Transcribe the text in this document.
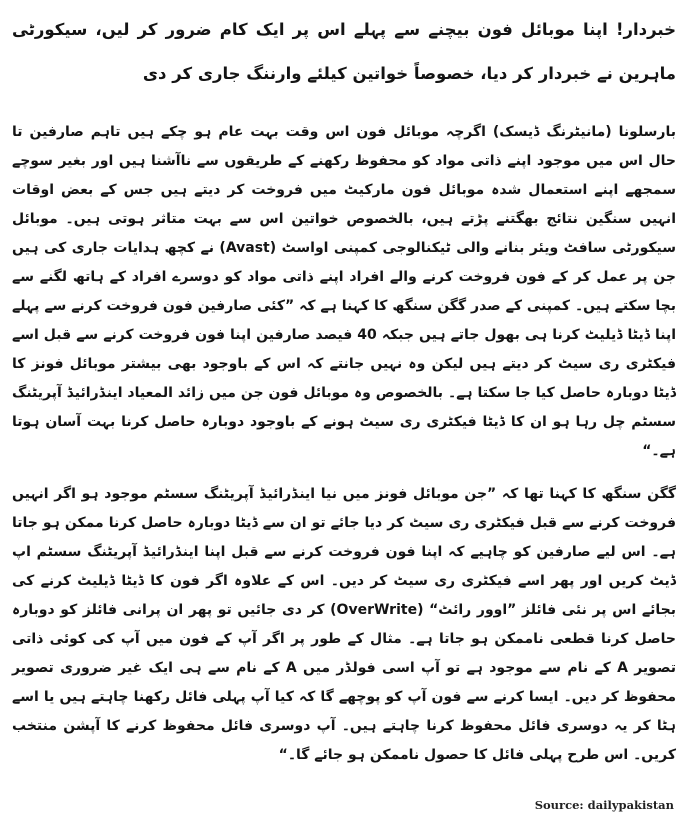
خبردار! اپنا موبائل فون بیچنے سے پہلے اس پر ایک کام ضرور کر لیں، سیکورٹی ماہرین نے خبردار کر دیا، خصوصاً خواتین کیلئے وارننگ جاری کر دی

بارسلونا (مانیٹرنگ ڈیسک) اگرچہ موبائل فون اس وقت بہت عام ہو چکے ہیں تاہم صارفین تا حال اس میں موجود اپنے ذاتی مواد کو محفوظ رکھنے کے طریقوں سے ناآشنا ہیں اور بغیر سوچے سمجھے اپنے استعمال شدہ موبائل فون مارکیٹ میں فروخت کر دیتے ہیں جس کے بعض اوقات انہیں سنگین نتائج بھگتنے پڑتے ہیں، بالخصوص خواتین اس سے بہت متاثر ہوتی ہیں۔ موبائل سیکورٹی سافٹ ویئر بنانے والی ٹیکنالوجی کمپنی اواسٹ (Avast) نے کچھ ہدایات جاری کی ہیں جن پر عمل کر کے فون فروخت کرنے والے افراد اپنے ذاتی مواد کو دوسرے افراد کے ہاتھ لگنے سے بچا سکتے ہیں۔ کمپنی کے صدر گگن سنگھ کا کہنا ہے کہ ”کئی صارفین فون فروخت کرنے سے پہلے اپنا ڈیٹا ڈیلیٹ کرنا ہی بھول جاتے ہیں جبکہ 40 فیصد صارفین اپنا فون فروخت کرنے سے قبل اسے فیکٹری ری سیٹ کر دیتے ہیں لیکن وہ نہیں جانتے کہ اس کے باوجود بھی بیشتر موبائل فونز کا ڈیٹا دوبارہ حاصل کیا جا سکتا ہے۔ بالخصوص وہ موبائل فون جن میں زائد المعیاد اینڈرائیڈ آپریٹنگ سسٹم چل رہا ہو ان کا ڈیٹا فیکٹری ری سیٹ ہونے کے باوجود دوبارہ حاصل کرنا بہت آسان ہوتا ہے۔“

گگن سنگھ کا کہنا تھا کہ ”جن موبائل فونز میں نیا اینڈرائیڈ آپریٹنگ سسٹم موجود ہو اگر انہیں فروخت کرنے سے قبل فیکٹری ری سیٹ کر دیا جائے تو ان سے ڈیٹا دوبارہ حاصل کرنا ممکن ہو جاتا ہے۔ اس لیے صارفین کو چاہیے کہ اپنا فون فروخت کرنے سے قبل اپنا اینڈرائیڈ آپریٹنگ سسٹم اپ ڈیٹ کریں اور پھر اسے فیکٹری ری سیٹ کر دیں۔ اس کے علاوہ اگر فون کا ڈیٹا ڈیلیٹ کرنے کی بجائے اس پر نئی فائلز ”اوور رائٹ“ (OverWrite) کر دی جائیں تو پھر ان پرانی فائلز کو دوبارہ حاصل کرنا قطعی ناممکن ہو جاتا ہے۔ مثال کے طور پر اگر آپ کے فون میں آپ کی کوئی ذاتی تصویر A کے نام سے موجود ہے تو آپ اسی فولڈر میں A کے نام سے ہی ایک غیر ضروری تصویر محفوظ کر دیں۔ ایسا کرنے سے فون آپ کو پوچھے گا کہ کیا آپ پہلی فائل رکھنا چاہتے ہیں یا اسے ہٹا کر یہ دوسری فائل محفوظ کرنا چاہتے ہیں۔ آپ دوسری فائل محفوظ کرنے کا آپشن منتخب کریں۔ اس طرح پہلی فائل کا حصول ناممکن ہو جائے گا۔“

Source: dailypakistan
